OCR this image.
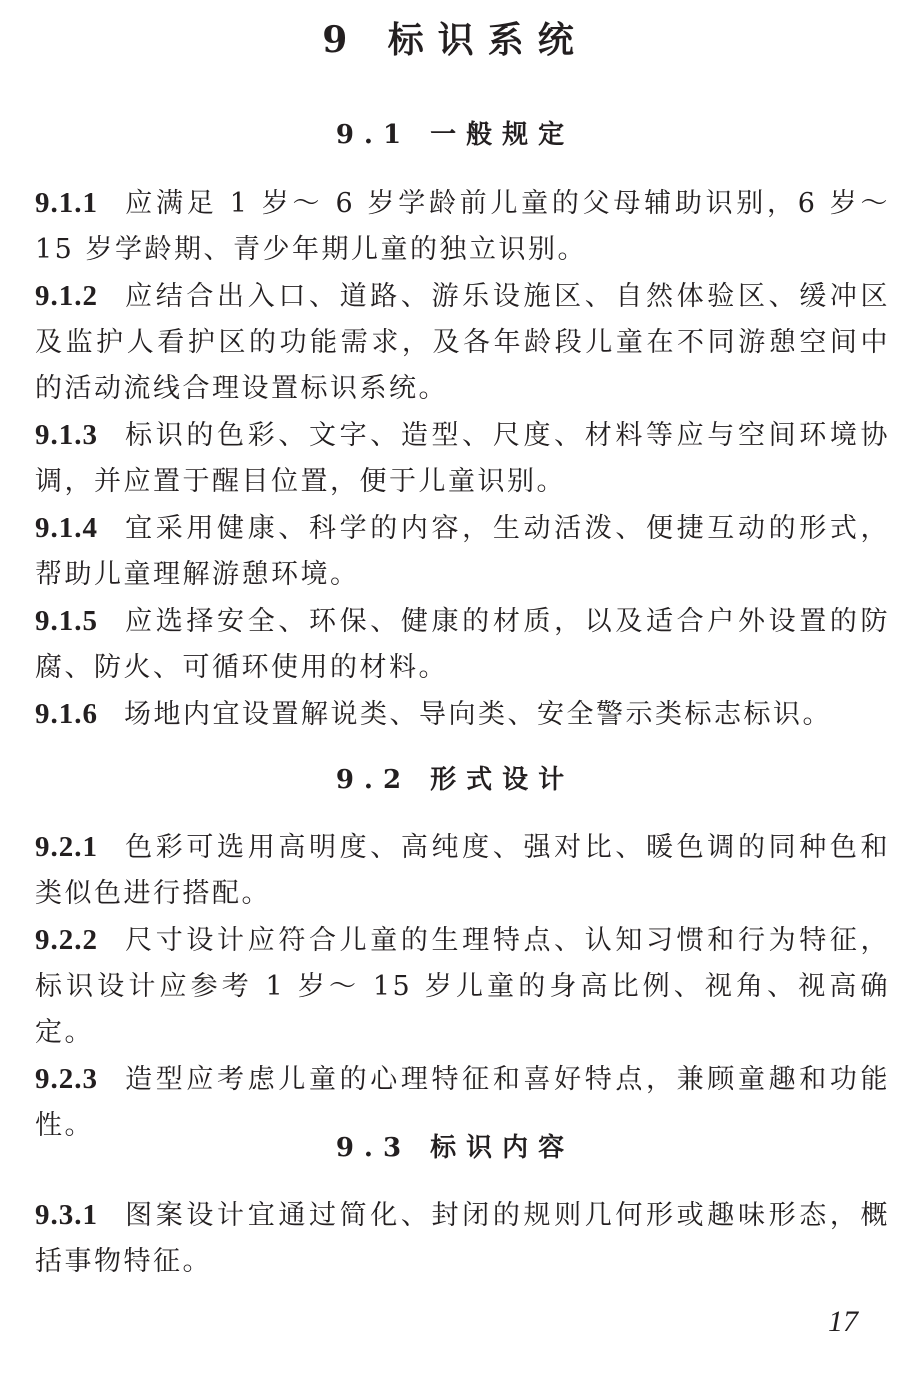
9 标识系统
9.1 一般规定

9.1.1 应满足 1 岁～ 6 岁学龄前儿童的父母辅助识别，6 岁～ 15 岁学龄期、青少年期儿童的独立识别。

9.1.2 应结合出入口、道路、游乐设施区、自然体验区、缓冲区及监护人看护区的功能需求，及各年龄段儿童在不同游憩空间中的活动流线合理设置标识系统。

9.1.3 标识的色彩、文字、造型、尺度、材料等应与空间环境协调，并应置于醒目位置，便于儿童识别。

9.1.4 宜采用健康、科学的内容，生动活泼、便捷互动的形式，帮助儿童理解游憩环境。

9.1.5 应选择安全、环保、健康的材质，以及适合户外设置的防腐、防火、可循环使用的材料。

9.1.6 场地内宜设置解说类、导向类、安全警示类标志标识。

9.2 形式设计

9.2.1 色彩可选用高明度、高纯度、强对比、暖色调的同种色和类似色进行搭配。

9.2.2 尺寸设计应符合儿童的生理特点、认知习惯和行为特征，标识设计应参考 1 岁～ 15 岁儿童的身高比例、视角、视高确定。

9.2.3 造型应考虑儿童的心理特征和喜好特点，兼顾童趣和功能性。

9.3 标识内容

9.3.1 图案设计宜通过简化、封闭的规则几何形或趣味形态，概括事物特征。

17
